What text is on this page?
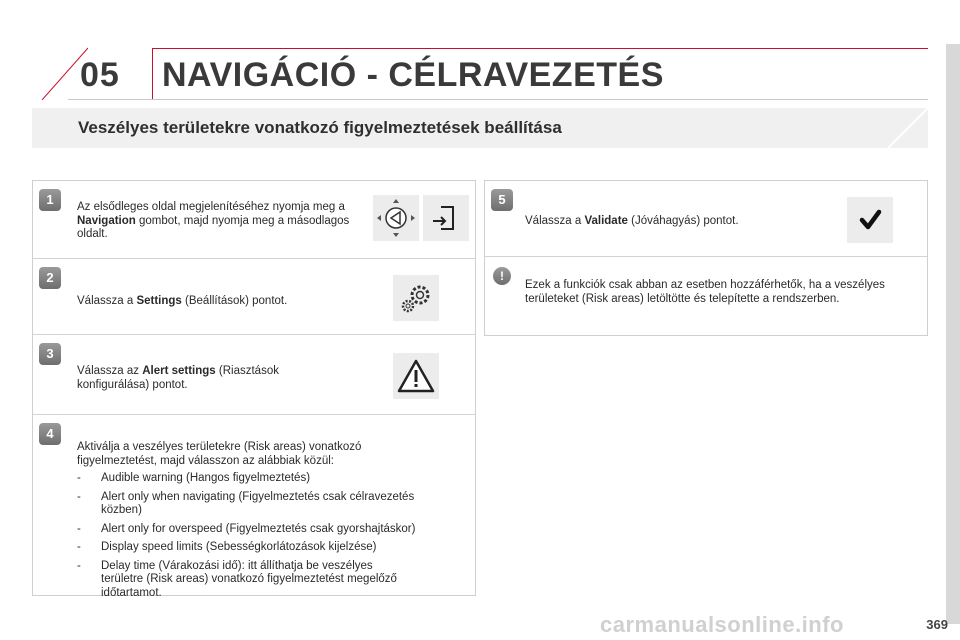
05 NAVIGÁCIÓ - CÉLRAVEZETÉS
Veszélyes területekre vonatkozó figyelmeztetések beállítása
1	Az elsődleges oldal megjelenítéséhez nyomja meg a Navigation gombot, majd nyomja meg a másodlagos oldalt.
2
Válassza a Settings (Beállítások) pontot.
3
Válassza az Alert settings (Riasztások konfigurálása) pontot.
4
Aktiválja a veszélyes területekre (Risk areas) vonatkozó figyelmeztetést, majd válasszon az alábbiak közül:
- Audible warning (Hangos figyelmeztetés)
- Alert only when navigating (Figyelmeztetés csak célravezetés közben)
- Alert only for overspeed (Figyelmeztetés csak gyorshajtáskor)
- Display speed limits (Sebességkorlátozások kijelzése)
- Delay time (Várakozási idő): itt állíthatja be veszélyes területre (Risk areas) vonatkozó figyelmeztetést megelőző időtartamot.
5
Válassza a Validate (Jóváhagyás) pontot.
!
Ezek a funkciók csak abban az esetben hozzáférhetők, ha a veszélyes területeket (Risk areas) letöltötte és telepítette a rendszerben.
carmanualsonline.info	369
